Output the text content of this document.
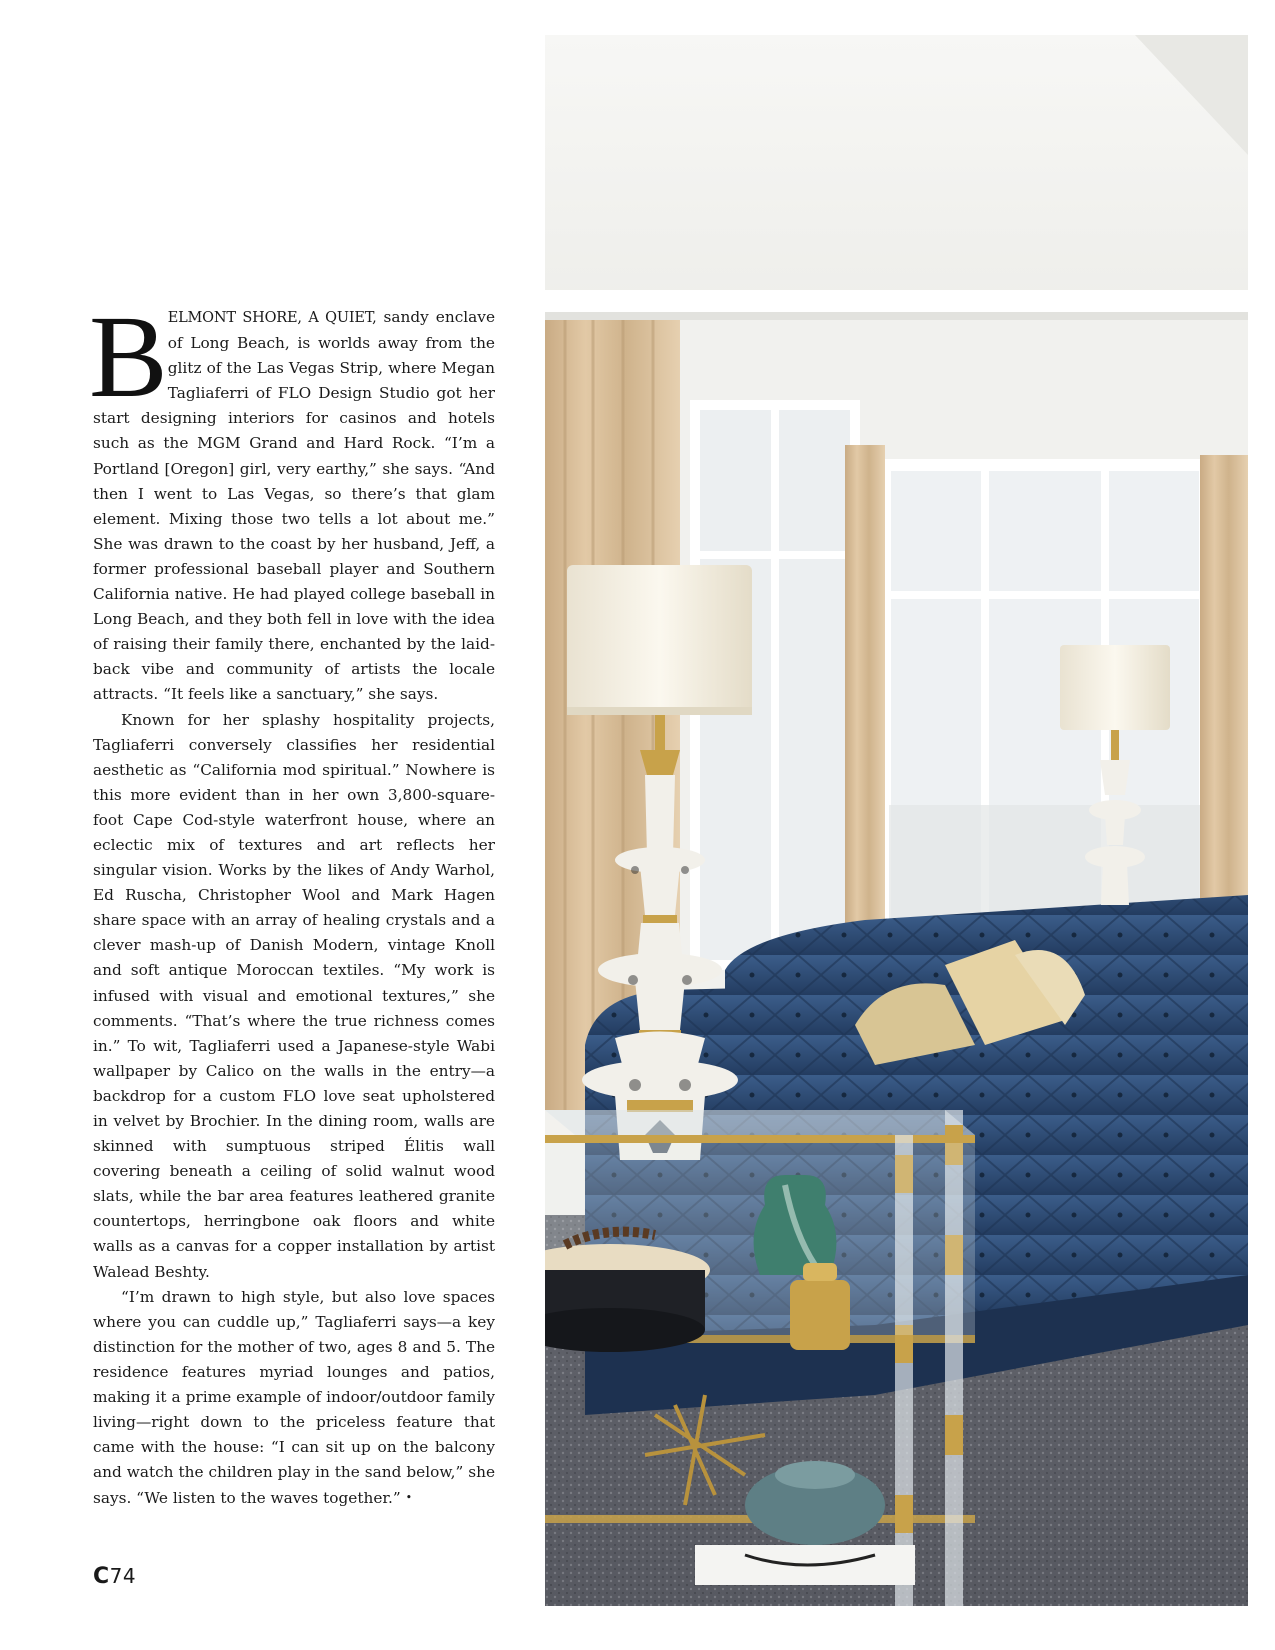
BELMONT SHORE, A QUIET, sandy enclave of Long Beach, is worlds away from the glitz of the Las Vegas Strip, where Megan Tagliaferri of FLO Design Studio got her start designing interiors for casinos and hotels such as the MGM Grand and Hard Rock. “I’m a Portland [Oregon] girl, very earthy,” she says. “And then I went to Las Vegas, so there’s that glam element. Mixing those two tells a lot about me.” She was drawn to the coast by her husband, Jeff, a former professional baseball player and Southern California native. He had played college baseball in Long Beach, and they both fell in love with the idea of raising their family there, enchanted by the laid-back vibe and community of artists the locale attracts. “It feels like a sanctuary,” she says.

Known for her splashy hospitality projects, Tagliaferri conversely classifies her residential aesthetic as “California mod spiritual.” Nowhere is this more evident than in her own 3,800-square-foot Cape Cod-style waterfront house, where an eclectic mix of textures and art reflects her singular vision. Works by the likes of Andy Warhol, Ed Ruscha, Christopher Wool and Mark Hagen share space with an array of healing crystals and a clever mash-up of Danish Modern, vintage Knoll and soft antique Moroccan textiles. “My work is infused with visual and emotional textures,” she comments. “That’s where the true richness comes in.” To wit, Tagliaferri used a Japanese-style Wabi wallpaper by Calico on the walls in the entry—a backdrop for a custom FLO love seat upholstered in velvet by Brochier. In the dining room, walls are skinned with sumptuous striped Élitis wall covering beneath a ceiling of solid walnut wood slats, while the bar area features leathered granite countertops, herringbone oak floors and white walls as a canvas for a copper installation by artist Walead Beshty.

“I’m drawn to high style, but also love spaces where you can cuddle up,” Tagliaferri says—a key distinction for the mother of two, ages 8 and 5. The residence features myriad lounges and patios, making it a prime example of indoor/outdoor family living—right down to the priceless feature that came with the house: “I can sit up on the balcony and watch the children play in the sand below,” she says. “We listen to the waves together.” •

C74
